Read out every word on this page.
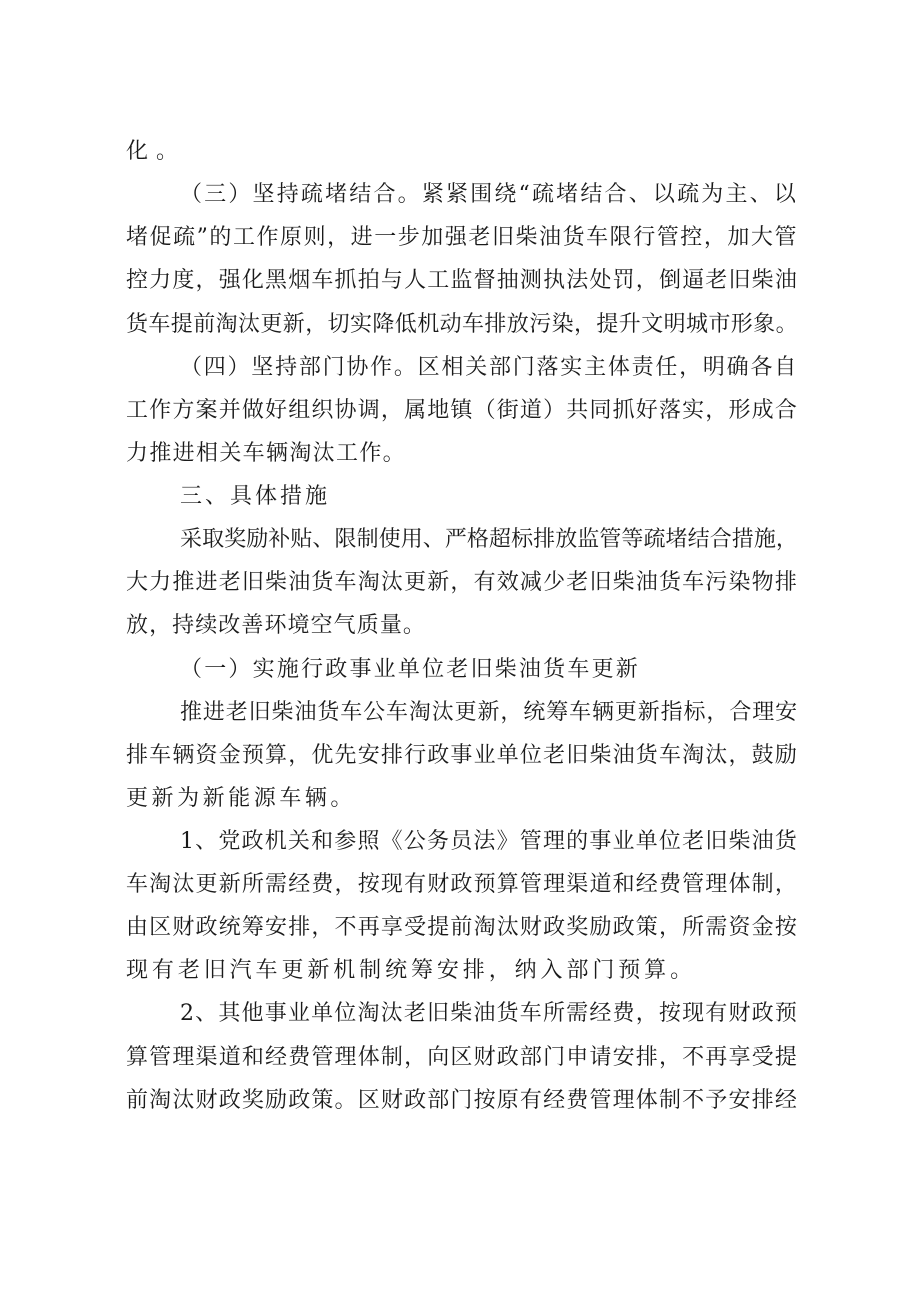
化。
（三）坚持疏堵结合。紧紧围绕“疏堵结合、以疏为主、以
堵促疏”的工作原则，进一步加强老旧柴油货车限行管控，加大管
控力度，强化黑烟车抓拍与人工监督抽测执法处罚，倒逼老旧柴油
货车提前淘汰更新，切实降低机动车排放污染，提升文明城市形象。
（四）坚持部门协作。区相关部门落实主体责任，明确各自
工作方案并做好组织协调，属地镇（街道）共同抓好落实，形成合
力推进相关车辆淘汰工作。
三、具体措施
采取奖励补贴、限制使用、严格超标排放监管等疏堵结合措施，
大力推进老旧柴油货车淘汰更新，有效减少老旧柴油货车污染物排
放，持续改善环境空气质量。
（一）实施行政事业单位老旧柴油货车更新
推进老旧柴油货车公车淘汰更新，统筹车辆更新指标，合理安
排车辆资金预算，优先安排行政事业单位老旧柴油货车淘汰，鼓励
更新为新能源车辆。
1、党政机关和参照《公务员法》管理的事业单位老旧柴油货
车淘汰更新所需经费，按现有财政预算管理渠道和经费管理体制，
由区财政统筹安排，不再享受提前淘汰财政奖励政策，所需资金按
现有老旧汽车更新机制统筹安排，纳入部门预算。
2、其他事业单位淘汰老旧柴油货车所需经费，按现有财政预
算管理渠道和经费管理体制，向区财政部门申请安排，不再享受提
前淘汰财政奖励政策。区财政部门按原有经费管理体制不予安排经
